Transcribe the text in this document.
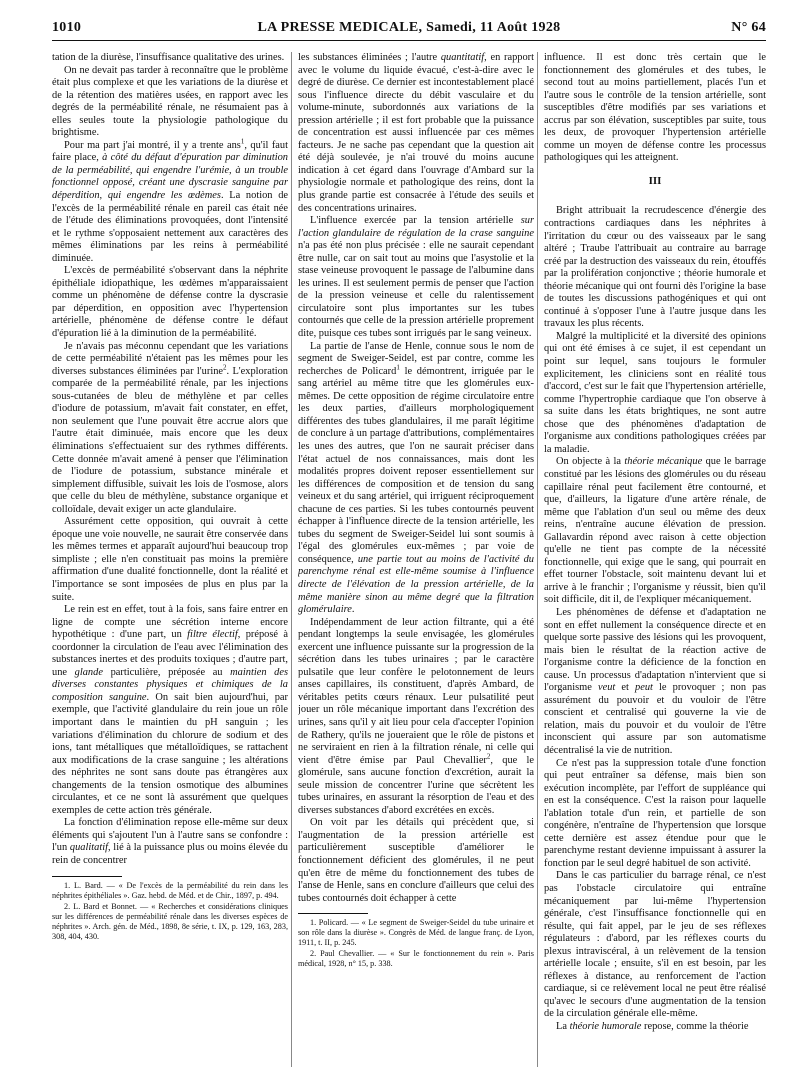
1010	LA PRESSE MEDICALE, Samedi, 11 Août 1928	N° 64

tation de la diurèse, l'insuffisance qualitative des urines.

On ne devait pas tarder à reconnaître que le problème était plus complexe et que les variations de la diurèse et de la rétention des matières usées, en rapport avec les degrés de la perméabilité rénale, ne résumaient pas à elles seules toute la physiologie pathologique du brightisme.

Pour ma part j'ai montré, il y a trente ans$^1$, qu'il faut faire place, à côté du défaut d'épuration par diminution de la perméabilité, qui engendre l'urémie, à un trouble fonctionnel opposé, créant une dyscrasie sanguine par déperdition, qui engendre les œdèmes. La notion de l'excès de la perméabilité rénale en pareil cas était née de l'étude des éliminations provoquées, dont l'intensité et le rythme s'opposaient nettement aux caractères des mêmes éliminations par les reins à perméabilité diminuée.

L'excès de perméabilité s'observant dans la néphrite épithéliale idiopathique, les œdèmes m'apparaissaient comme un phénomène de défense contre la dyscrasie par déperdition, en opposition avec l'hypertension artérielle, phénomène de défense contre le défaut d'épuration lié à la diminution de la perméabilité.

Je n'avais pas méconnu cependant que les variations de cette perméabilité n'étaient pas les mêmes pour les diverses substances éliminées par l'urine$^2$. L'exploration comparée de la perméabilité rénale, par les injections sous-cutanées de bleu de méthylène et par celles d'iodure de potassium, m'avait fait constater, en effet, non seulement que l'une pouvait être accrue alors que l'autre était diminuée, mais encore que les deux éliminations s'effectuaient sur des rythmes différents. Cette donnée m'avait amené à penser que l'élimination de l'iodure de potassium, substance minérale et simplement diffusible, suivait les lois de l'osmose, alors que celle du bleu de méthylène, substance organique et colloïdale, devait exiger un acte glandulaire.

Assurément cette opposition, qui ouvrait à cette époque une voie nouvelle, ne saurait être conservée dans les mêmes termes et apparaît aujourd'hui beaucoup trop simpliste ; elle n'en constituait pas moins la première affirmation d'une dualité fonctionnelle, dont la réalité et l'importance se sont imposées de plus en plus par la suite.

Le rein est en effet, tout à la fois, sans faire entrer en ligne de compte une sécrétion interne encore hypothétique : d'une part, un filtre électif, préposé à coordonner la circulation de l'eau avec l'élimination des substances inertes et des produits toxiques ; d'autre part, une glande particulière, préposée au maintien des diverses constantes physiques et chimiques de la composition sanguine. On sait bien aujourd'hui, par exemple, que l'activité glandulaire du rein joue un rôle important dans le maintien du pH sanguin ; les variations d'élimination du chlorure de sodium et des ions, tant métalliques que métalloïdiques, se rattachent aux modifications de la crase sanguine ; les altérations des néphrites ne sont sans doute pas étrangères aux changements de la tension osmotique des albumines circulantes, et ce ne sont là assurément que quelques exemples de cette action très générale.

La fonction d'élimination repose elle-même sur deux éléments qui s'ajoutent l'un à l'autre sans se confondre : l'un qualitatif, lié à la puissance plus ou moins élevée du rein de concentrer

1. L. Bard. — « De l'excès de la perméabilité du rein dans les néphrites épithéliales ». Gaz. hebd. de Méd. et de Chir., 1897, p. 494.

2. L. Bard et Bonnet. — « Recherches et considérations cliniques sur les différences de perméabilité rénale dans les diverses espèces de néphrites ». Arch. gén. de Méd., 1898, 8e série, t. IX, p. 129, 163, 283, 308, 404, 430.

les substances éliminées ; l'autre quantitatif, en rapport avec le volume du liquide évacué, c'est-à-dire avec le degré de diurèse. Ce dernier est incontestablement placé sous l'influence directe du débit vasculaire et du volume-minute, subordonnés aux variations de la pression artérielle ; il est fort probable que la puissance de concentration est aussi influencée par ces mêmes facteurs. Je ne sache pas cependant que la question ait été déjà soulevée, je n'ai trouvé du moins aucune indication à cet égard dans l'ouvrage d'Ambard sur la physiologie normale et pathologique des reins, dont la plus grande partie est consacrée à l'étude des seuils et des concentrations urinaires.

L'influence exercée par la tension artérielle sur l'action glandulaire de régulation de la crase sanguine n'a pas été non plus précisée : elle ne saurait cependant être nulle, car on sait tout au moins que l'asystolie et la stase veineuse provoquent le passage de l'albumine dans les urines. Il est seulement permis de penser que l'action de la pression veineuse et celle du ralentissement circulatoire sont plus importantes sur les tubes contournés que celle de la pression artérielle proprement dite, puisque ces tubes sont irrigués par le sang veineux.

La partie de l'anse de Henle, connue sous le nom de segment de Sweiger-Seidel, est par contre, comme les recherches de Policard$^1$ le démontrent, irriguée par le sang artériel au même titre que les glomérules eux-mêmes. De cette opposition de régime circulatoire entre les deux parties, d'ailleurs morphologiquement différentes des tubes glandulaires, il me paraît légitime de conclure à un partage d'attributions, complémentaires les unes des autres, que l'on ne saurait préciser dans l'état actuel de nos connaissances, mais dont les modalités propres doivent reposer essentiellement sur les différences de composition et de tension du sang veineux et du sang artériel, qui irriguent réciproquement chacune de ces parties. Si les tubes contournés peuvent échapper à l'influence directe de la tension artérielle, les tubes du segment de Sweiger-Seidel lui sont soumis à l'égal des glomérules eux-mêmes ; par voie de conséquence, une partie tout au moins de l'activité du parenchyme rénal est elle-même soumise à l'influence directe de l'élévation de la pression artérielle, de la même manière sinon au même degré que la filtration glomérulaire.

Indépendamment de leur action filtrante, qui a été pendant longtemps la seule envisagée, les glomérules exercent une influence puissante sur la progression de la sécrétion dans les tubes urinaires ; par le caractère pulsatile que leur confère le pelotonnement de leurs anses capillaires, ils constituent, d'après Ambard, de véritables petits cœurs rénaux. Leur pulsatilité peut jouer un rôle mécanique important dans l'excrétion des urines, sans qu'il y ait lieu pour cela d'accepter l'opinion de Rathery, qu'ils ne joueraient que le rôle de pistons et ne serviraient en rien à la filtration rénale, ni celle qui vient d'être émise par Paul Chevallier$^2$, que le glomérule, sans aucune fonction d'excrétion, aurait la seule mission de concentrer l'urine que sécrètent les tubes urinaires, en assurant la résorption de l'eau et des diverses substances d'abord excrétées en excès.

On voit par les détails qui précèdent que, si l'augmentation de la pression artérielle est particulièrement susceptible d'améliorer le fonctionnement déficient des glomérules, il ne peut qu'en être de même du fonctionnement des tubes de l'anse de Henle, sans en conclure d'ailleurs que celui des tubes contournés doit échapper à cette

1. Policard. — « Le segment de Sweiger-Seidel du tube urinaire et son rôle dans la diurèse ». Congrès de Méd. de langue franç. de Lyon, 1911, t. II, p. 245.

2. Paul Chevallier. — « Sur le fonctionnement du rein ». Paris médical, 1928, n° 15, p. 338.

influence. Il est donc très certain que le fonctionnement des glomérules et des tubes, le second tout au moins partiellement, placés l'un et l'autre sous le contrôle de la tension artérielle, sont susceptibles d'être modifiés par ses variations et accrus par son élévation, susceptibles par suite, tous les deux, de provoquer l'hypertension artérielle comme un moyen de défense contre les processus pathologiques qui les atteignent.

III

Bright attribuait la recrudescence d'énergie des contractions cardiaques dans les néphrites à l'irritation du cœur ou des vaisseaux par le sang altéré ; Traube l'attribuait au contraire au barrage créé par la destruction des vaisseaux du rein, étouffés par la prolifération conjonctive ; théorie humorale et théorie mécanique qui ont fourni dès l'origine la base de toutes les discussions pathogéniques et qui ont continué à s'opposer l'une à l'autre jusque dans les travaux les plus récents.

Malgré la multiplicité et la diversité des opinions qui ont été émises à ce sujet, il est cependant un point sur lequel, sans toujours le formuler explicitement, les cliniciens sont en réalité tous d'accord, c'est sur le fait que l'hypertension artérielle, comme l'hypertrophie cardiaque que l'on observe à sa suite dans les états brightiques, ne sont autre chose que des phénomènes d'adaptation de l'organisme aux conditions pathologiques créées par la maladie.

On objecte à la théorie mécanique que le barrage constitué par les lésions des glomérules ou du réseau capillaire rénal peut facilement être contourné, et que, d'ailleurs, la ligature d'une artère rénale, de même que l'ablation d'un seul ou même des deux reins, n'entraîne aucune élévation de pression. Gallavardin répond avec raison à cette objection qu'elle ne tient pas compte de la nécessité fonctionnelle, qui exige que le sang, qui pourrait en effet tourner l'obstacle, soit maintenu devant lui et arrive à le franchir ; l'organisme y réussit, bien qu'il soit difficile, dit il, de l'expliquer mécaniquement.

Les phénomènes de défense et d'adaptation ne sont en effet nullement la conséquence directe et en quelque sorte passive des lésions qui les provoquent, mais bien le résultat de la réaction active de l'organisme contre la déficience de la fonction en cause. Un processus d'adaptation n'intervient que si l'organisme veut et peut le provoquer ; non pas assurément du pouvoir et du vouloir de l'être conscient et centralisé qui gouverne la vie de relation, mais du pouvoir et du vouloir de l'être inconscient qui assure par son automatisme décentralisé la vie de nutrition.

Ce n'est pas la suppression totale d'une fonction qui peut entraîner sa défense, mais bien son exécution incomplète, par l'effort de suppléance qui en est la conséquence. C'est la raison pour laquelle l'ablation totale d'un rein, et partielle de son congénère, n'entraîne de l'hypertension que lorsque cette dernière est assez étendue pour que le parenchyme restant devienne impuissant à assurer la fonction par le seul degré habituel de son activité.

Dans le cas particulier du barrage rénal, ce n'est pas l'obstacle circulatoire qui entraîne mécaniquement par lui-même l'hypertension générale, c'est l'insuffisance fonctionnelle qui en résulte, qui fait appel, par le jeu de ses réflexes régulateurs : d'abord, par les réflexes courts du plexus intraviscéral, à un relèvement de la tension artérielle locale ; ensuite, s'il en est besoin, par les réflexes à distance, au renforcement de l'action cardiaque, si ce relèvement local ne peut être réalisé qu'avec le secours d'une augmentation de la tension de la circulation générale elle-même.

La théorie humorale repose, comme la théorie
